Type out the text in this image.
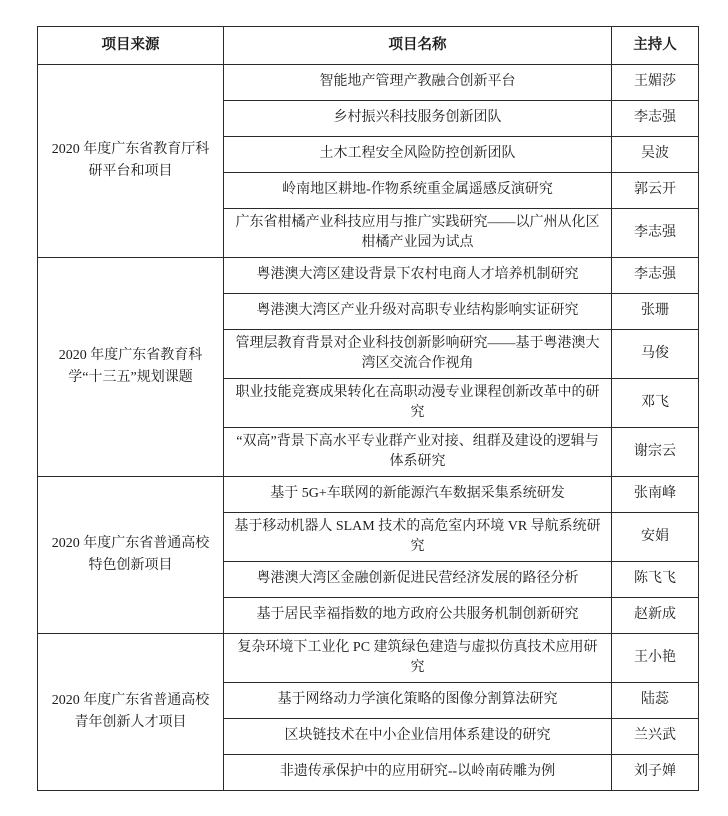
项目来源	项目名称	主持人
2020 年度广东省教育厅科研平台和项目	智能地产管理产教融合创新平台	王媚莎
	乡村振兴科技服务创新团队	李志强
	土木工程安全风险防控创新团队	吴波
	岭南地区耕地-作物系统重金属遥感反演研究	郭云开
	广东省柑橘产业科技应用与推广实践研究——以广州从化区柑橘产业园为试点	李志强
2020 年度广东省教育科学“十三五”规划课题	粤港澳大湾区建设背景下农村电商人才培养机制研究	李志强
	粤港澳大湾区产业升级对高职专业结构影响实证研究	张珊
	管理层教育背景对企业科技创新影响研究——基于粤港澳大湾区交流合作视角	马俊
	职业技能竞赛成果转化在高职动漫专业课程创新改革中的研究	邓飞
	“双高”背景下高水平专业群产业对接、组群及建设的逻辑与体系研究	谢宗云
2020 年度广东省普通高校特色创新项目	基于 5G+车联网的新能源汽车数据采集系统研发	张南峰
	基于移动机器人 SLAM 技术的高危室内环境 VR 导航系统研究	安娟
	粤港澳大湾区金融创新促进民营经济发展的路径分析	陈飞飞
	基于居民幸福指数的地方政府公共服务机制创新研究	赵新成
2020 年度广东省普通高校青年创新人才项目	复杂环境下工业化 PC 建筑绿色建造与虚拟仿真技术应用研究	王小艳
	基于网络动力学演化策略的图像分割算法研究	陆蕊
	区块链技术在中小企业信用体系建设的研究	兰兴武
	非遗传承保护中的应用研究--以岭南砖雕为例	刘子婵
